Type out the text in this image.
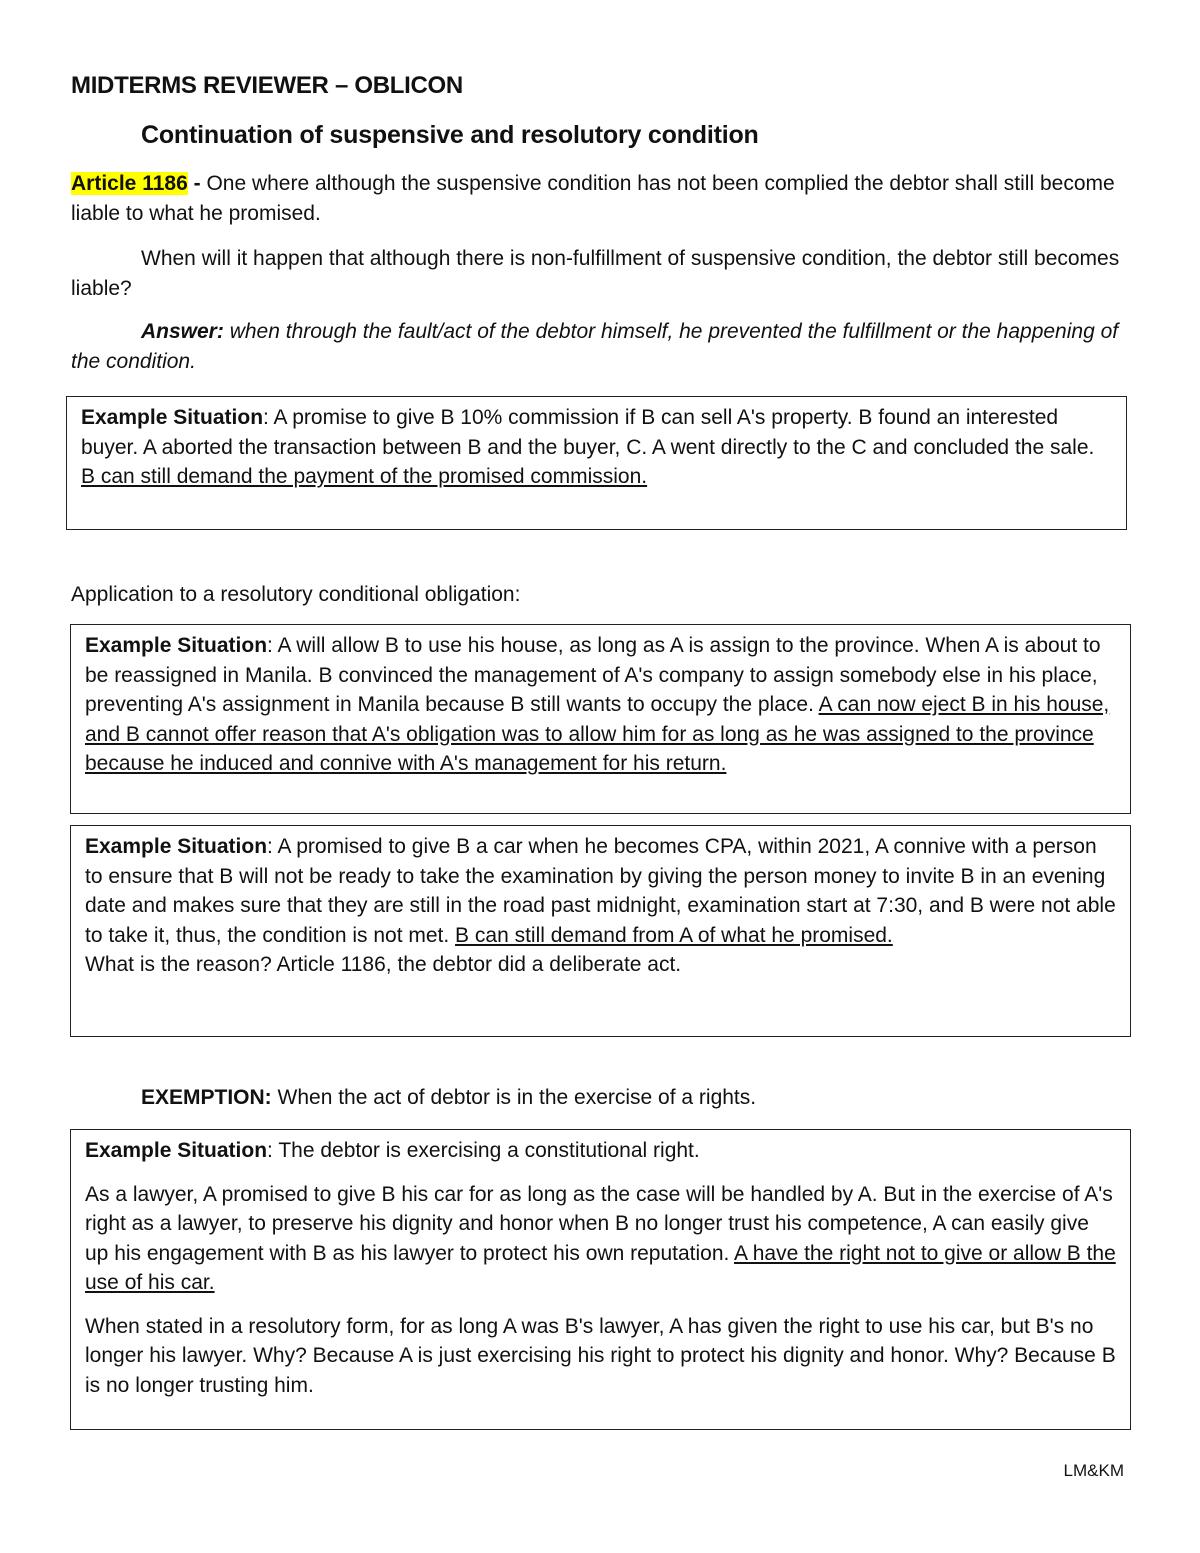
MIDTERMS REVIEWER – OBLICON
Continuation of suspensive and resolutory condition
Article 1186 - One where although the suspensive condition has not been complied the debtor shall still become liable to what he promised.
When will it happen that although there is non-fulfillment of suspensive condition, the debtor still becomes liable?
Answer: when through the fault/act of the debtor himself, he prevented the fulfillment or the happening of the condition.

Example Situation: A promise to give B 10% commission if B can sell A's property. B found an interested buyer. A aborted the transaction between B and the buyer, C. A went directly to the C and concluded the sale. B can still demand the payment of the promised commission.

Application to a resolutory conditional obligation:

Example Situation: A will allow B to use his house, as long as A is assign to the province. When A is about to be reassigned in Manila. B convinced the management of A's company to assign somebody else in his place, preventing A's assignment in Manila because B still wants to occupy the place. A can now eject B in his house, and B cannot offer reason that A's obligation was to allow him for as long as he was assigned to the province because he induced and connive with A's management for his return.

Example Situation: A promised to give B a car when he becomes CPA, within 2021, A connive with a person to ensure that B will not be ready to take the examination by giving the person money to invite B in an evening date and makes sure that they are still in the road past midnight, examination start at 7:30, and B were not able to take it, thus, the condition is not met. B can still demand from A of what he promised.

What is the reason? Article 1186, the debtor did a deliberate act.

EXEMPTION: When the act of debtor is in the exercise of a rights.

Example Situation: The debtor is exercising a constitutional right.

As a lawyer, A promised to give B his car for as long as the case will be handled by A. But in the exercise of A's right as a lawyer, to preserve his dignity and honor when B no longer trust his competence, A can easily give up his engagement with B as his lawyer to protect his own reputation. A have the right not to give or allow B the use of his car.

When stated in a resolutory form, for as long A was B's lawyer, A has given the right to use his car, but B's no longer his lawyer. Why? Because A is just exercising his right to protect his dignity and honor. Why? Because B is no longer trusting him.

LM&KM
